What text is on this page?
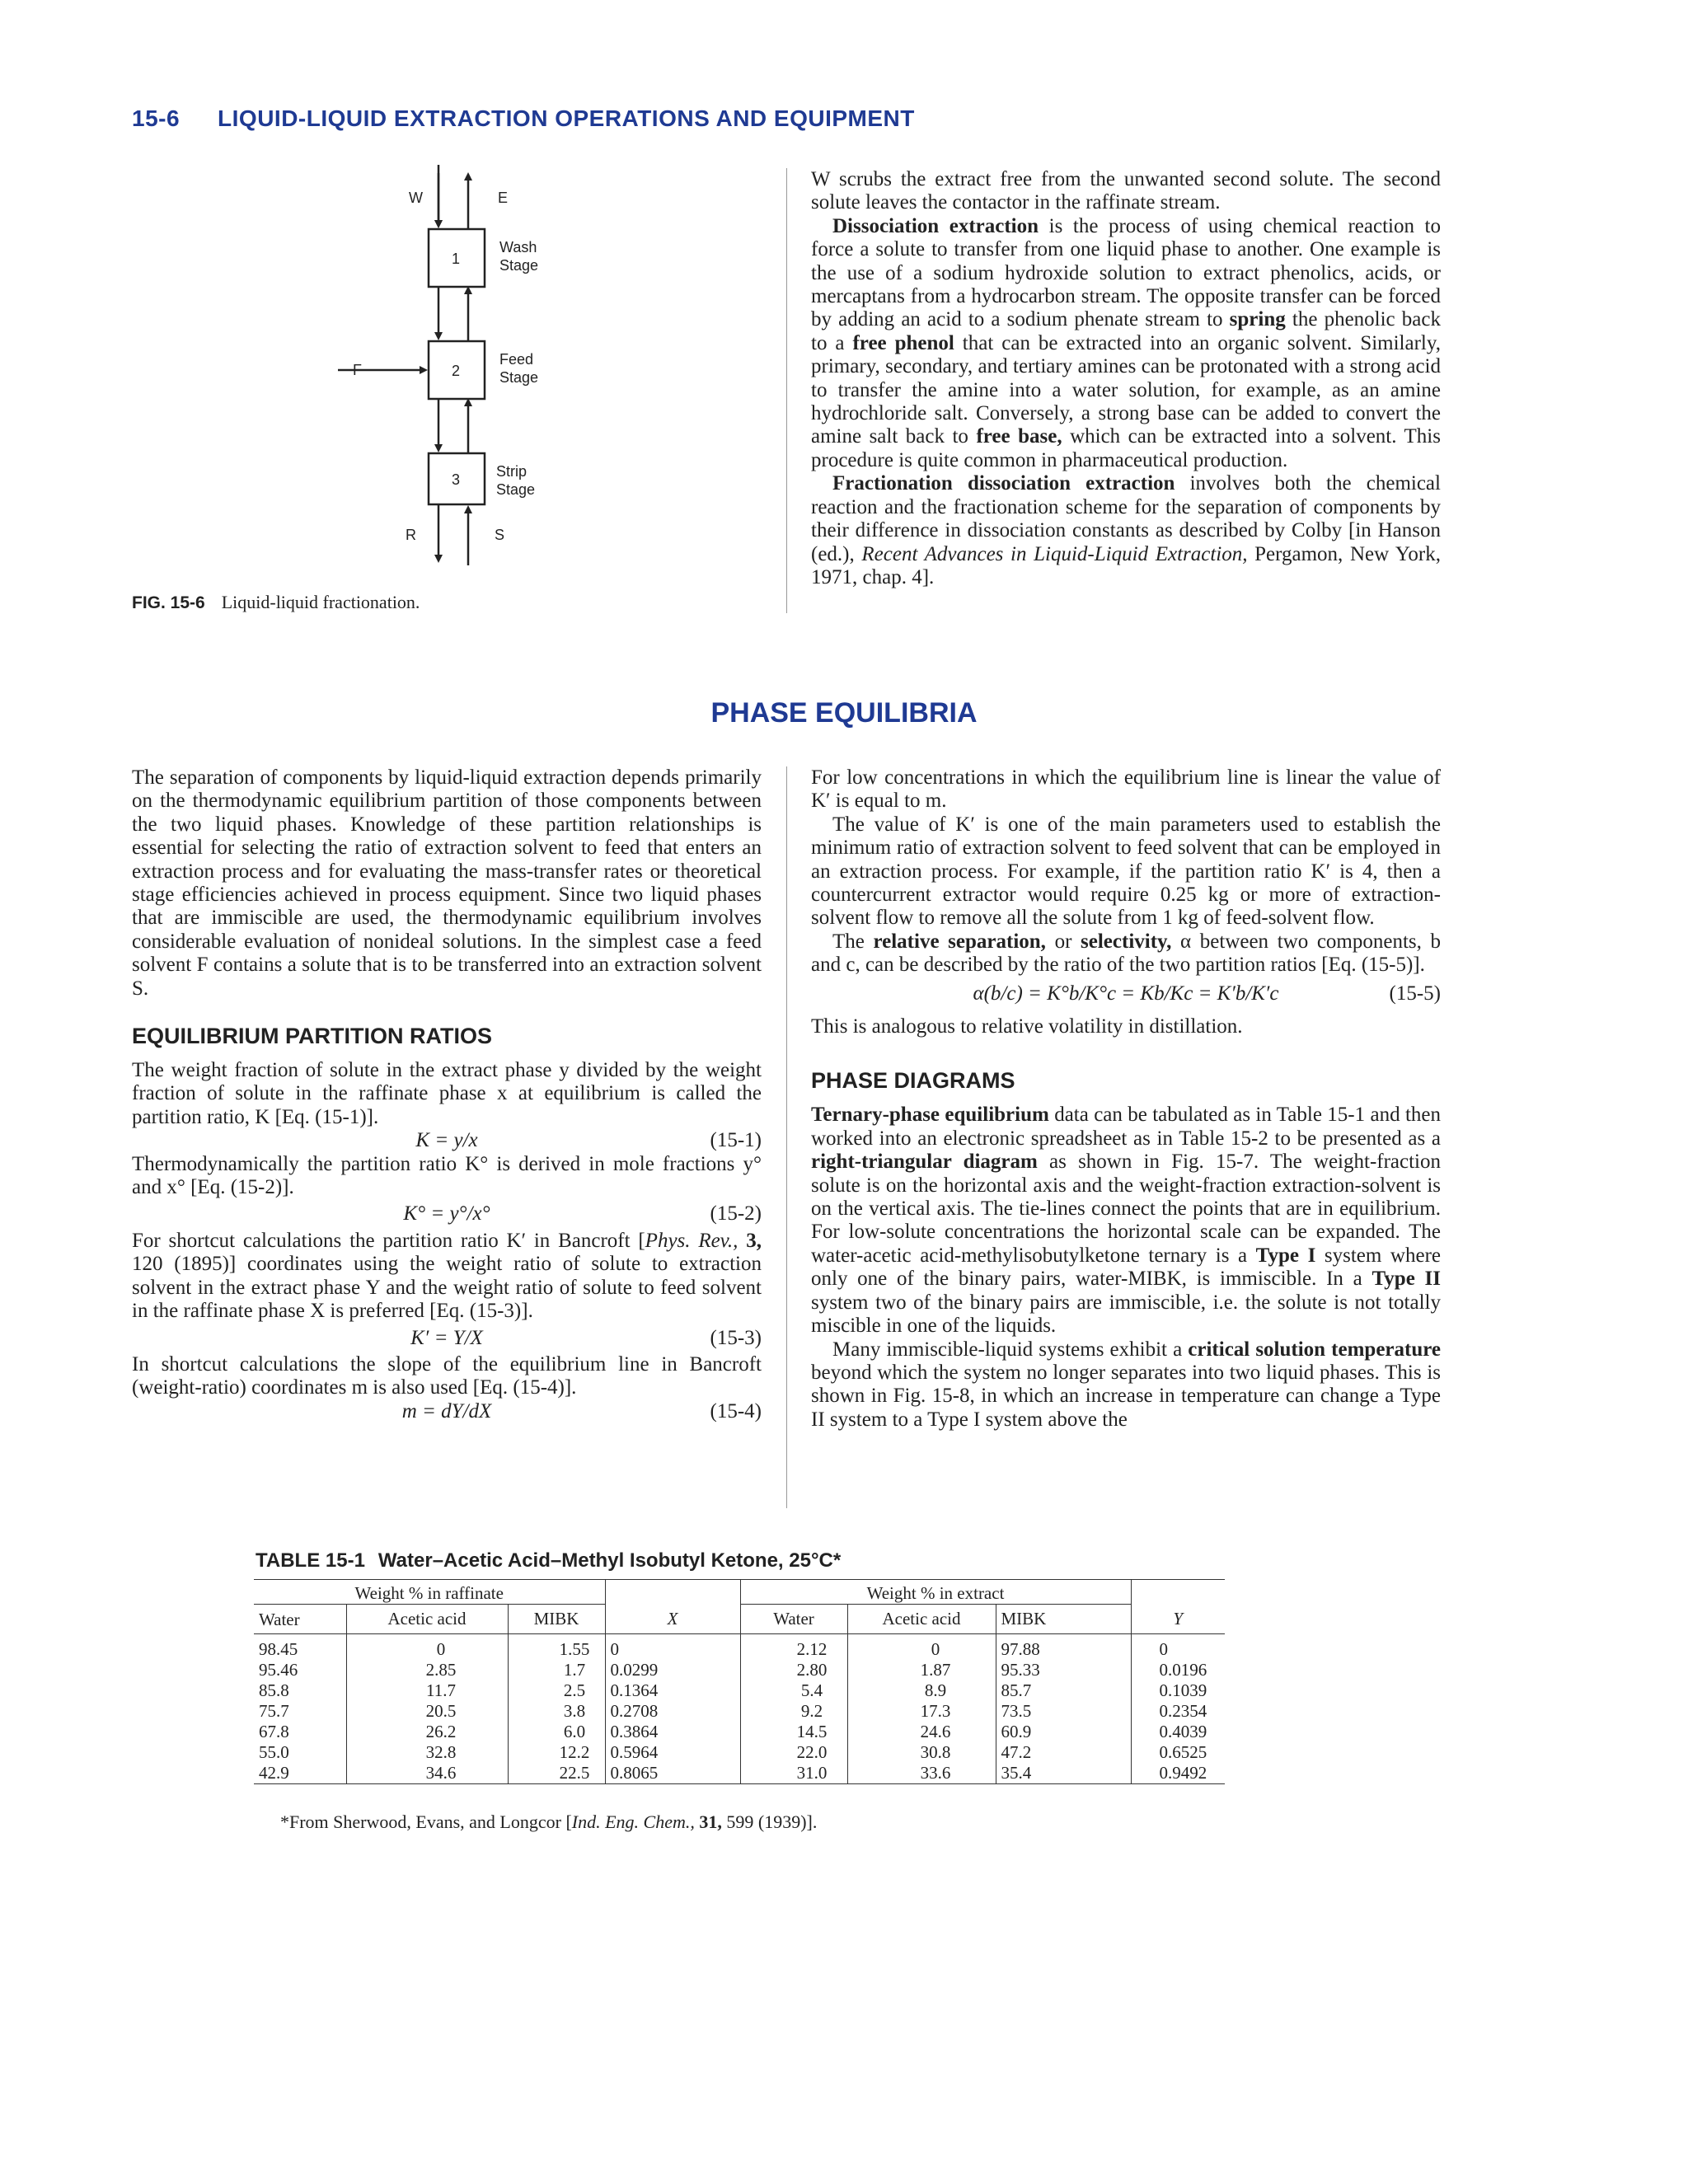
15-6 LIQUID-LIQUID EXTRACTION OPERATIONS AND EQUIPMENT
W	E
F
R	S
1
Wash
Stage
2
Feed
Stage
3 Strip
Stage
FIG. 15-6 Liquid-liquid fractionation.

W scrubs the extract free from the unwanted second solute. The second solute leaves the contactor in the raffinate stream.

Dissociation extraction is the process of using chemical reaction to force a solute to transfer from one liquid phase to another. One example is the use of a sodium hydroxide solution to extract phenolics, acids, or mercaptans from a hydrocarbon stream. The opposite transfer can be forced by adding an acid to a sodium phenate stream to spring the phenolic back to a free phenol that can be extracted into an organic solvent. Similarly, primary, secondary, and tertiary amines can be protonated with a strong acid to transfer the amine into a water solution, for example, as an amine hydrochloride salt. Conversely, a strong base can be added to convert the amine salt back to free base, which can be extracted into a solvent. This procedure is quite common in pharmaceutical production.

Fractionation dissociation extraction involves both the chemical reaction and the fractionation scheme for the separation of components by their difference in dissociation constants as described by Colby [in Hanson (ed.), Recent Advances in Liquid-Liquid Extraction, Pergamon, New York, 1971, chap. 4].

PHASE EQUILIBRIA

The separation of components by liquid-liquid extraction depends primarily on the thermodynamic equilibrium partition of those components between the two liquid phases. Knowledge of these partition relationships is essential for selecting the ratio of extraction solvent to feed that enters an extraction process and for evaluating the mass-transfer rates or theoretical stage efficiencies achieved in process equipment. Since two liquid phases that are immiscible are used, the thermodynamic equilibrium involves considerable evaluation of nonideal solutions. In the simplest case a feed solvent F contains a solute that is to be transferred into an extraction solvent S.

EQUILIBRIUM PARTITION RATIOS

The weight fraction of solute in the extract phase y divided by the weight fraction of solute in the raffinate phase x at equilibrium is called the partition ratio, K [Eq. (15-1)].

K = y/x	(15-1)

Thermodynamically the partition ratio K° is derived in mole fractions y° and x° [Eq. (15-2)].

K° = y°/x°	(15-2)

For shortcut calculations the partition ratio K′ in Bancroft [Phys. Rev., 3, 120 (1895)] coordinates using the weight ratio of solute to extraction solvent in the extract phase Y and the weight ratio of solute to feed solvent in the raffinate phase X is preferred [Eq. (15-3)].

K′ = Y/X	(15-3)

In shortcut calculations the slope of the equilibrium line in Bancroft (weight-ratio) coordinates m is also used [Eq. (15-4)].

m = dY/dX	(15-4)

For low concentrations in which the equilibrium line is linear the value of K′ is equal to m.

The value of K′ is one of the main parameters used to establish the minimum ratio of extraction solvent to feed solvent that can be employed in an extraction process. For example, if the partition ratio K′ is 4, then a countercurrent extractor would require 0.25 kg or more of extraction-solvent flow to remove all the solute from 1 kg of feed-solvent flow.

The relative separation, or selectivity, α between two components, b and c, can be described by the ratio of the two partition ratios [Eq. (15-5)].

α(b/c) = K°b/K°c = Kb/Kc = K′b/K′c	(15-5)

This is analogous to relative volatility in distillation.

PHASE DIAGRAMS

Ternary-phase equilibrium data can be tabulated as in Table 15-1 and then worked into an electronic spreadsheet as in Table 15-2 to be presented as a right-triangular diagram as shown in Fig. 15-7. The weight-fraction solute is on the horizontal axis and the weight-fraction extraction-solvent is on the vertical axis. The tie-lines connect the points that are in equilibrium. For low-solute concentrations the horizontal scale can be expanded. The water-acetic acid-methylisobutylketone ternary is a Type I system where only one of the binary pairs, water-MIBK, is immiscible. In a Type II system two of the binary pairs are immiscible, i.e. the solute is not totally miscible in one of the liquids.

Many immiscible-liquid systems exhibit a critical solution temperature beyond which the system no longer separates into two liquid phases. This is shown in Fig. 15-8, in which an increase in temperature can change a Type II system to a Type I system above the

TABLE 15-1 Water–Acetic Acid–Methyl Isobutyl Ketone, 25°C*
Weight % in raffinate				Weight % in extract			
Water	Acetic acid	MIBK	X	Water	Acetic acid	MIBK	Y
98.45	0	1.55	0	2.12	0	97.88	0
95.46	2.85	1.7	0.0299	2.80	1.87	95.33	0.0196
85.8	11.7	2.5	0.1364	5.4	8.9	85.7	0.1039
75.7	20.5	3.8	0.2708	9.2	17.3	73.5	0.2354
67.8	26.2	6.0	0.3864	14.5	24.6	60.9	0.4039
55.0	32.8	12.2	0.5964	22.0	30.8	47.2	0.6525
42.9	34.6	22.5	0.8065	31.0	33.6	35.4	0.9492
*From Sherwood, Evans, and Longcor [Ind. Eng. Chem., 31, 599 (1939)].
